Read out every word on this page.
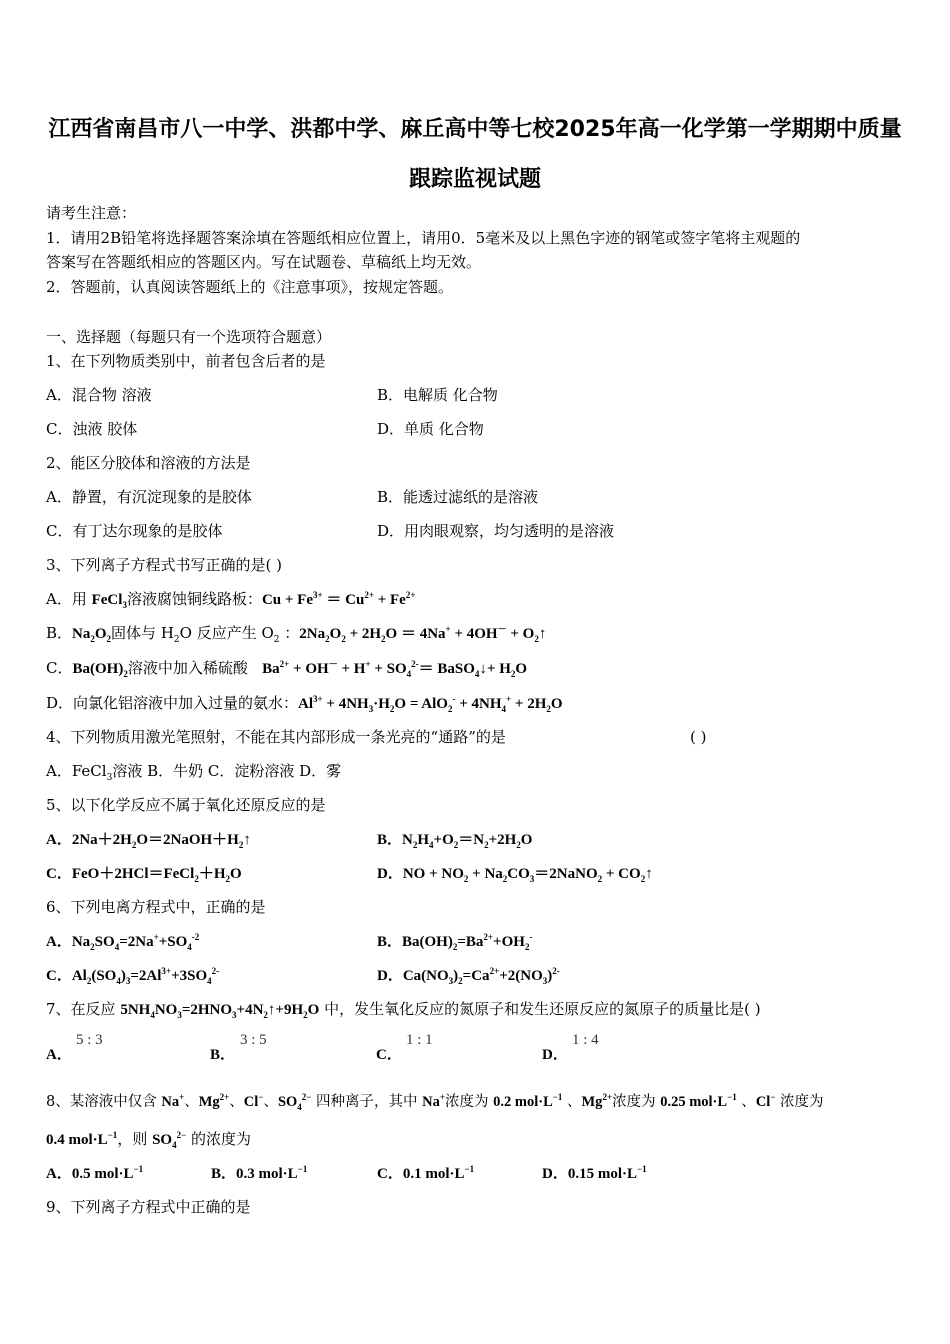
江西省南昌市八一中学、洪都中学、麻丘高中等七校2025年高一化学第一学期期中质量
跟踪监视试题
请考生注意：
1．请用2B铅笔将选择题答案涂填在答题纸相应位置上，请用0．5毫米及以上黑色字迹的钢笔或签字笔将主观题的
答案写在答题纸相应的答题区内。写在试题卷、草稿纸上均无效。
2．答题前，认真阅读答题纸上的《注意事项》，按规定答题。
一、选择题（每题只有一个选项符合题意）
1、在下列物质类别中，前者包含后者的是
A．混合物 溶液	B．电解质 化合物
C．浊液 胶体	D．单质 化合物
2、能区分胶体和溶液的方法是
A．静置，有沉淀现象的是胶体	B．能透过滤纸的是溶液
C．有丁达尔现象的是胶体	D．用肉眼观察，均匀透明的是溶液
3、下列离子方程式书写正确的是( )
A．用 FeCl$_3$溶液腐蚀铜线路板：$Cu + Fe^{3+} = Cu^{2+} + Fe^{2+}$
B．$Na_2O_2$固体与 $H_2O$ 反应产生 $O_2$ ：$2Na_2O_2 + 2H_2O = 4Na^+ + 4OH^-$ + $O_2↑$
C．$Ba(OH)_2$溶液中加入稀硫酸 $Ba^{2+} + OH^- + H^+ + SO_4^{2-}=$ BaSO$_4$↓+ $H_2O$
D．向氯化铝溶液中加入过量的氨水：$Al^{3+} + 4NH_3\cdot H_2O = AlO_2^- + 4NH_4^+ + 2H_2O$
4、下列物质用激光笔照射，不能在其内部形成一条光亮的“通路”的是	( )
A．FeCl$_3$溶液 B．牛奶 C．淀粉溶液 D．雾
5、以下化学反应不属于氧化还原反应的是
A．$2Na+2H_2O=2NaOH+H_2↑$	B．$N_2H_4+O_2=N_2+2H_2O$
C．$FeO+2HCl=FeCl_2+H_2O$	D．NO + $NO_2$ + $Na_2CO_3=2NaNO_2$ + $CO_2↑$
6、下列电离方程式中，正确的是
A．$Na_2SO_4=2Na^++SO_4^{-2}$	B．$Ba(OH)_2=Ba^{2+}+OH_2^-$
C．$Al_2(SO_4)_3=2Al^{3+}+3SO_4^{2-}$	D．$Ca(NO_3)_2=Ca^{2+}+2(NO_3)^{2-}$
7、在反应 $5NH_4NO_3=2HNO_3+4N_2↑+9H_2O$ 中，发生氧化反应的氮原子和发生还原反应的氮原子的质量比是( )
A．
5 : 3
B．
3 : 5
C．
1 : 1
D．
1 : 4
8、某溶液中仅含 Na+、$Mg^{2+}$、Cl−、$SO_4^{2-}$ 四种离子，其中 Na+浓度为 0.2 $mol\cdot L^{-1}$ 、$Mg^{2+}$浓度为 0.25 $mol\cdot L^{-1}$ 、Cl− 浓度为
0.4 $mol\cdot L^{-1}$，则 $SO_4^{2-}$ 的浓度为
A．0.5 $mol\cdot L^{-1}$	B．0.3 $mol\cdot L^{-1}$	C．0.1 $mol\cdot L^{-1}$	D．0.15 $mol\cdot L^{-1}$
9、下列离子方程式中正确的是
